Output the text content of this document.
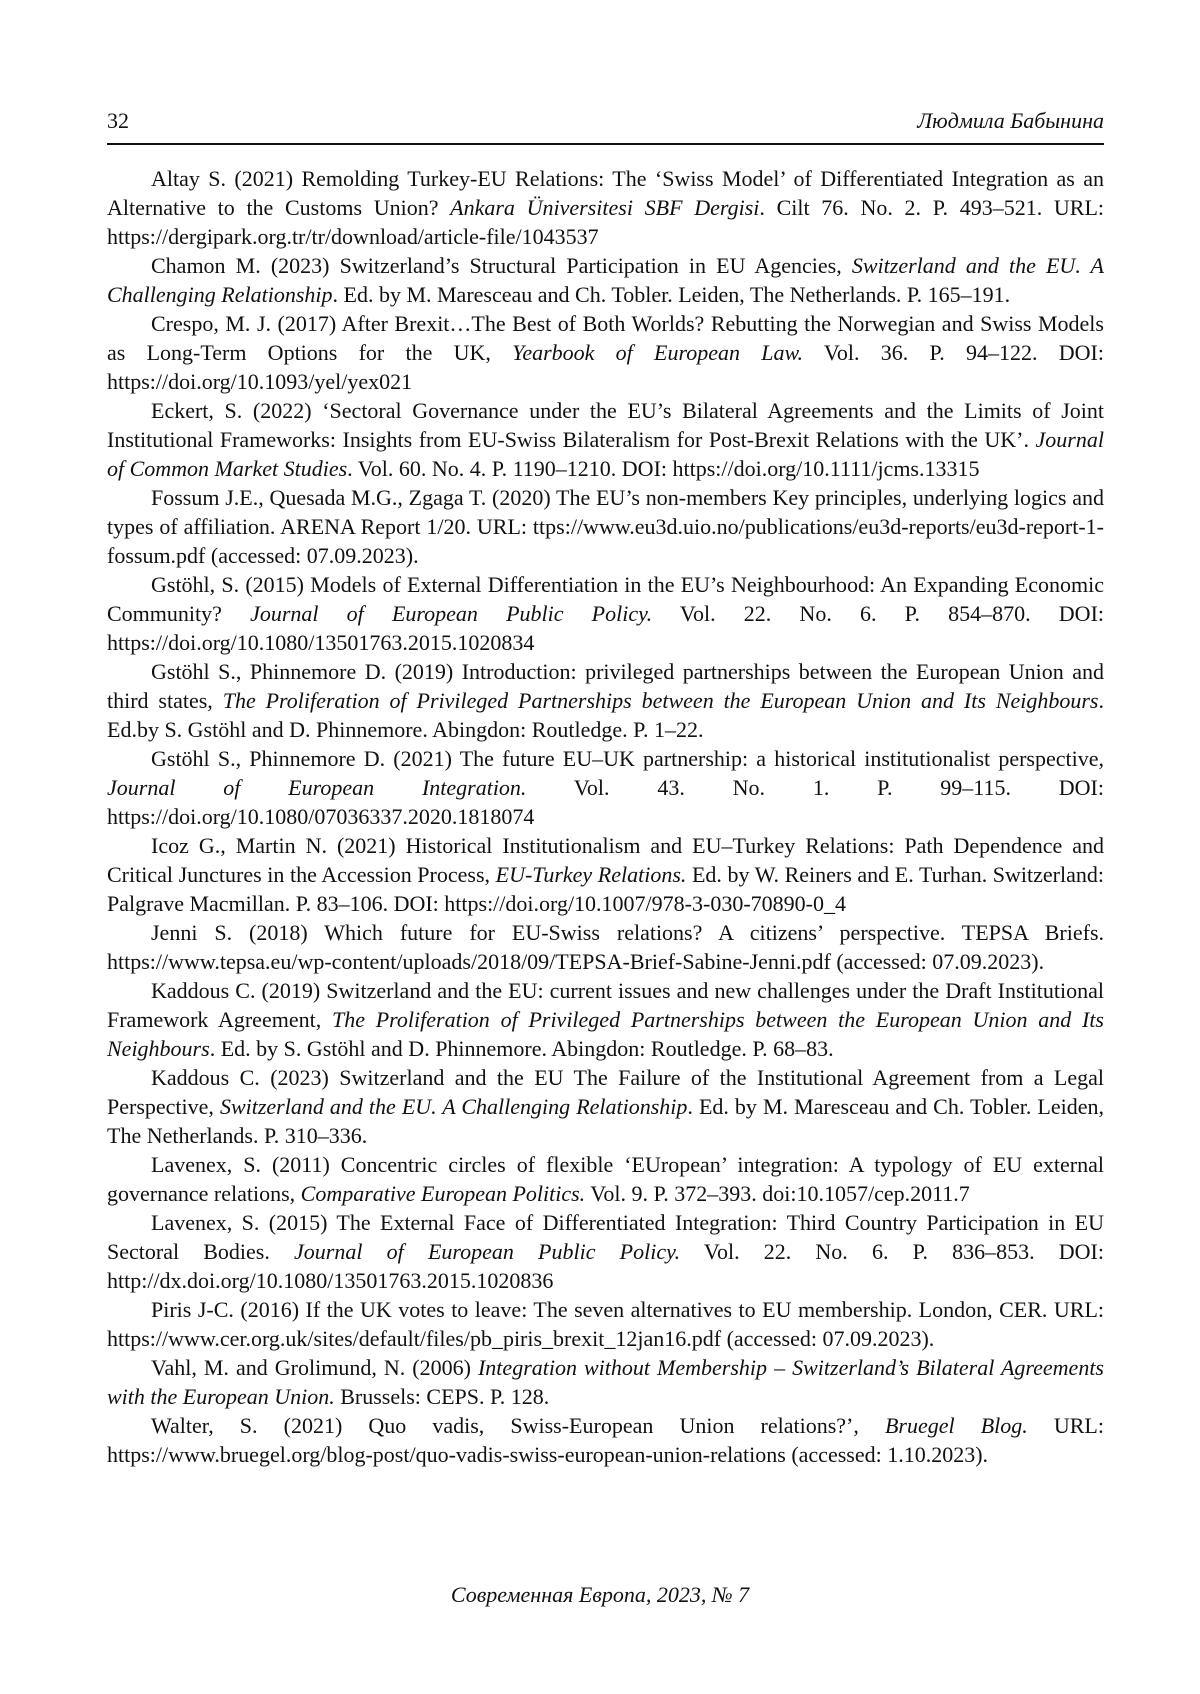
32	Людмила Бабынина

Altay S. (2021) Remolding Turkey-EU Relations: The ‘Swiss Model’ of Differentiated Integration as an Alternative to the Customs Union? Ankara Üniversitesi SBF Dergisi. Cilt 76. No. 2. P. 493–521. URL: https://dergipark.org.tr/tr/download/article-file/1043537

Chamon M. (2023) Switzerland’s Structural Participation in EU Agencies, Switzerland and the EU. A Challenging Relationship. Ed. by M. Maresceau and Ch. Tobler. Leiden, The Netherlands. P. 165–191.

Crespo, M. J. (2017) After Brexit…The Best of Both Worlds? Rebutting the Norwegian and Swiss Models as Long-Term Options for the UK, Yearbook of European Law. Vol. 36. P. 94–122. DOI: https://doi.org/10.1093/yel/yex021

Eckert, S. (2022) ‘Sectoral Governance under the EU’s Bilateral Agreements and the Limits of Joint Institutional Frameworks: Insights from EU-Swiss Bilateralism for Post-Brexit Relations with the UK’. Journal of Common Market Studies. Vol. 60. No. 4. P. 1190–1210. DOI: https://doi.org/10.1111/jcms.13315

Fossum J.E., Quesada M.G., Zgaga T. (2020) The EU’s non-members Key principles, underlying logics and types of affiliation. ARENA Report 1/20. URL: ttps://www.eu3d.uio.no/publications/eu3d-reports/eu3d-report-1-fossum.pdf (accessed: 07.09.2023).

Gstöhl, S. (2015) Models of External Differentiation in the EU’s Neighbourhood: An Expanding Economic Community? Journal of European Public Policy. Vol. 22. No. 6. P. 854–870. DOI: https://doi.org/10.1080/13501763.2015.1020834

Gstöhl S., Phinnemore D. (2019) Introduction: privileged partnerships between the European Union and third states, The Proliferation of Privileged Partnerships between the European Union and Its Neighbours. Ed.by S. Gstöhl and D. Phinnemore. Abingdon: Routledge. P. 1–22.

Gstöhl S., Phinnemore D. (2021) The future EU–UK partnership: a historical institutionalist perspective, Journal of European Integration. Vol. 43. No. 1. P. 99–115. DOI: https://doi.org/10.1080/07036337.2020.1818074

Icoz G., Martin N. (2021) Historical Institutionalism and EU–Turkey Relations: Path Dependence and Critical Junctures in the Accession Process, EU-Turkey Relations. Ed. by W. Reiners and E. Turhan. Switzerland: Palgrave Macmillan. P. 83–106. DOI: https://doi.org/10.1007/978-3-030-70890-0_4

Jenni S. (2018) Which future for EU-Swiss relations? A citizens’ perspective. TEPSA Briefs. https://www.tepsa.eu/wp-content/uploads/2018/09/TEPSA-Brief-Sabine-Jenni.pdf (accessed: 07.09.2023).

Kaddous C. (2019) Switzerland and the EU: current issues and new challenges under the Draft Institutional Framework Agreement, The Proliferation of Privileged Partnerships between the European Union and Its Neighbours. Ed. by S. Gstöhl and D. Phinnemore. Abingdon: Routledge. P. 68–83.

Kaddous C. (2023) Switzerland and the EU The Failure of the Institutional Agreement from a Legal Perspective, Switzerland and the EU. A Challenging Relationship. Ed. by M. Maresceau and Ch. Tobler. Leiden, The Netherlands. P. 310–336.

Lavenex, S. (2011) Concentric circles of flexible ‘EUropean’ integration: A typology of EU external governance relations, Comparative European Politics. Vol. 9. P. 372–393. doi:10.1057/cep.2011.7

Lavenex, S. (2015) The External Face of Differentiated Integration: Third Country Participation in EU Sectoral Bodies. Journal of European Public Policy. Vol. 22. No. 6. P. 836–853. DOI: http://dx.doi.org/10.1080/13501763.2015.1020836

Piris J-C. (2016) If the UK votes to leave: The seven alternatives to EU membership. London, CER. URL: https://www.cer.org.uk/sites/default/files/pb_piris_brexit_12jan16.pdf (accessed: 07.09.2023).

Vahl, M. and Grolimund, N. (2006) Integration without Membership – Switzerland’s Bilateral Agreements with the European Union. Brussels: CEPS. P. 128.

Walter, S. (2021) Quo vadis, Swiss-European Union relations?’, Bruegel Blog. URL: https://www.bruegel.org/blog-post/quo-vadis-swiss-european-union-relations (accessed: 1.10.2023).

Современная Европа, 2023, № 7
